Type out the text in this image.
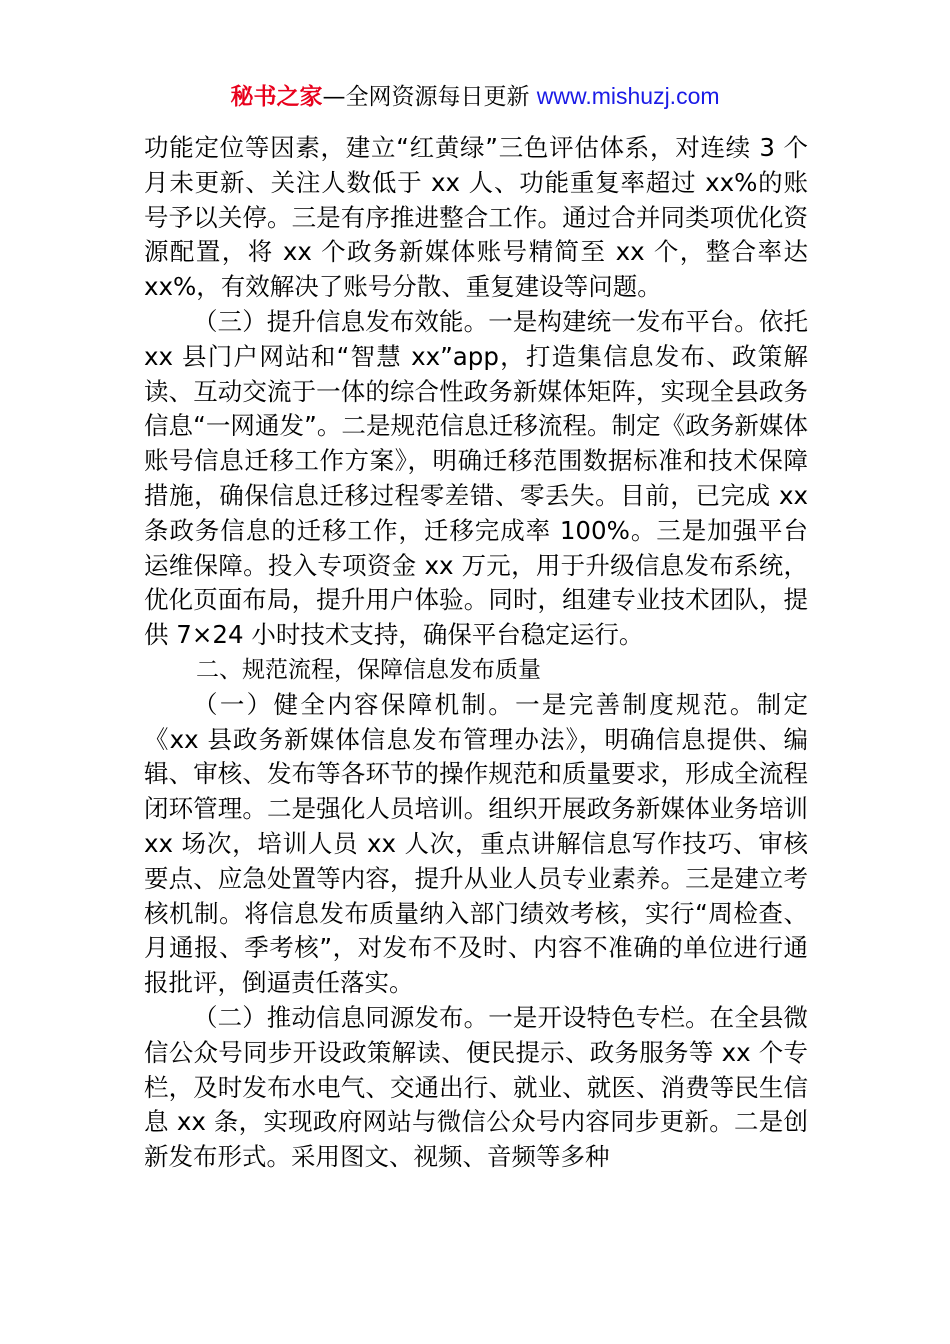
秘书之家—全网资源每日更新 www.mishuzj.com

功能定位等因素，建立“红黄绿”三色评估体系，对连续 3 个月未更新、关注人数低于 xx 人、功能重复率超过 xx%的账号予以关停。三是有序推进整合工作。通过合并同类项优化资源配置，将 xx 个政务新媒体账号精简至 xx 个，整合率达 xx%，有效解决了账号分散、重复建设等问题。

（三）提升信息发布效能。一是构建统一发布平台。依托 xx 县门户网站和“智慧 xx”app，打造集信息发布、政策解读、互动交流于一体的综合性政务新媒体矩阵，实现全县政务信息“一网通发”。二是规范信息迁移流程。制定《政务新媒体账号信息迁移工作方案》，明确迁移范围数据标准和技术保障措施，确保信息迁移过程零差错、零丢失。目前，已完成 xx 条政务信息的迁移工作，迁移完成率 100%。三是加强平台运维保障。投入专项资金 xx 万元，用于升级信息发布系统，优化页面布局，提升用户体验。同时，组建专业技术团队，提供 7×24 小时技术支持，确保平台稳定运行。

二、规范流程，保障信息发布质量

（一）健全内容保障机制。一是完善制度规范。制定《xx 县政务新媒体信息发布管理办法》，明确信息提供、编辑、审核、发布等各环节的操作规范和质量要求，形成全流程闭环管理。二是强化人员培训。组织开展政务新媒体业务培训 xx 场次，培训人员 xx 人次，重点讲解信息写作技巧、审核要点、应急处置等内容，提升从业人员专业素养。三是建立考核机制。将信息发布质量纳入部门绩效考核，实行“周检查、月通报、季考核”，对发布不及时、内容不准确的单位进行通报批评，倒逼责任落实。

（二）推动信息同源发布。一是开设特色专栏。在全县微信公众号同步开设政策解读、便民提示、政务服务等 xx 个专栏，及时发布水电气、交通出行、就业、就医、消费等民生信息 xx 条，实现政府网站与微信公众号内容同步更新。二是创新发布形式。采用图文、视频、音频等多种
